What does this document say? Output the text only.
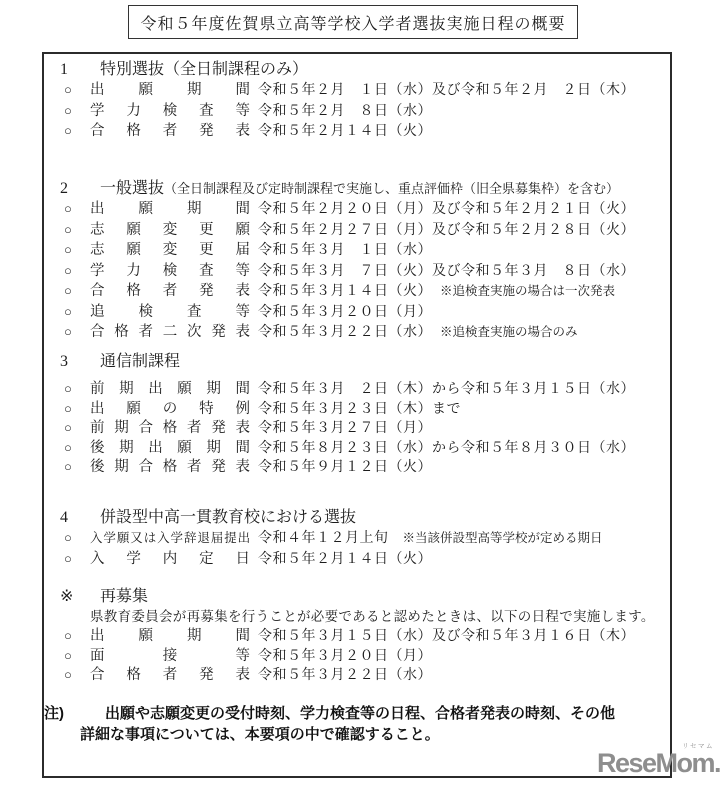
令和５年度佐賀県立高等学校入学者選抜実施日程の概要
1	特別選抜 （全日制課程のみ）
○	出 願 期 間 令和５年２月　１日（水）及び令和５年２月　２日（木）
○	学 力 検 査 等 令和５年２月　８日（水）
○	合 格 者 発 表 令和５年２月１４日（火）
2	一般選抜 （全日制課程及び定時制課程で実施し、重点評価枠（旧全県募集枠）を含む）
○	出 願 期 間 令和５年２月２０日（月）及び令和５年２月２１日（火）
○	志 願 変 更 願 令和５年２月２７日（月）及び令和５年２月２８日（火）
○	志 願 変 更 届 令和５年３月　１日（水）
○	学 力 検 査 等 令和５年３月　７日（火）及び令和５年３月　８日（水）
○	合 格 者 発 表 令和５年３月１４日（火） ※追検査実施の場合は一次発表
○	追 検 査 等 令和５年３月２０日（月）
○	合 格 者 二 次 発 表 令和５年３月２２日（水） ※追検査実施の場合のみ
3	通信制課程
○	前 期 出 願 期 間 令和５年３月　２日（木）から令和５年３月１５日（水）
○	出 願 の 特 例 令和５年３月２３日（木）まで
○	前 期 合 格 者 発 表 令和５年３月２７日（月）
○	後 期 出 願 期 間 令和５年８月２３日（水）から令和５年８月３０日（水）
○	後 期 合 格 者 発 表 令和５年９月１２日（火）
4	併設型中高一貫教育校における選抜
○	入 学 願 又 は 入 学 辞 退 届 提 出 令和４年１２月上旬 ※当該併設型高等学校が定める期日
○	入 学 内 定 日 令和５年２月１４日（火）
※	再募集
県教育委員会が再募集を行うことが必要であると認めたときは、以下の日程で実施します。
○	出 願 期 間 令和５年３月１５日（水）及び令和５年３月１６日（木）
○	面	接	等 令和５年３月２０日（月）
○	合 格 者 発 表 令和５年３月２２日（水）
注)	出願や志願変更の受付時刻、学力検査等の日程、合格者発表の時刻、その他
詳細な事項については、本要項の中で確認すること。
ReseMom.
リセマム
